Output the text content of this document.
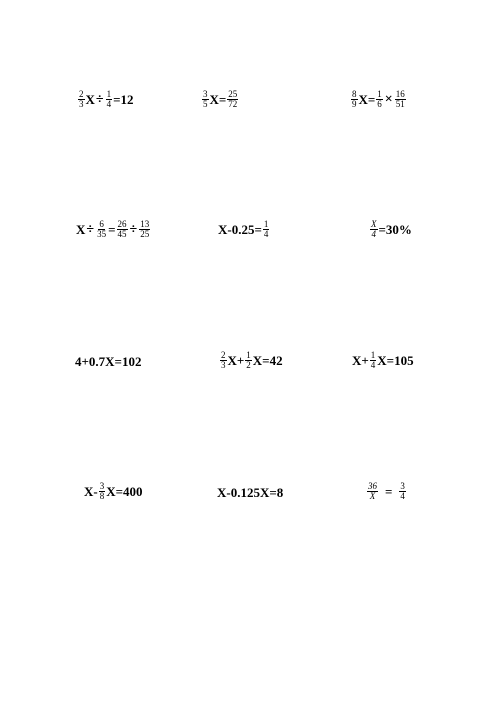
$\frac{2}{3}$ $X \div \frac{1}{4} =12$	$\frac{3}{5} X= \frac{25}{72}$	$\frac{8}{9} X= \frac{1}{6} \times \frac{16}{51}$
$X \div \frac{6}{35} = \frac{26}{45} \div \frac{13}{25}$	$X-0.25= \frac{1}{4}$	$\frac{X}{4} =30\%$
4+0.7X=102	$\frac{2}{3} X+ \frac{1}{2} X=42$	$X+ \frac{1}{4} X=105$
$X- \frac{3}{8} X=400$	X-0.125X=8	$\frac{36}{X} = \frac{3}{4}$
